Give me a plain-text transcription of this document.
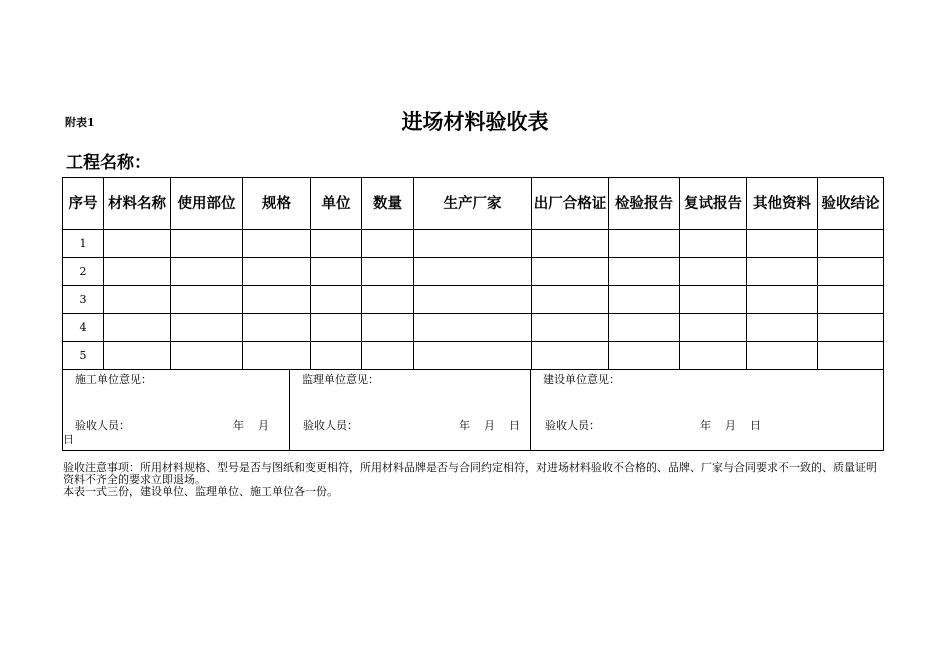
附表1	进场材料验收表
工程名称：
序号	材料名称	使用部位	规格	单位	数量	生产厂家	出厂合格证	检验报告	复试报告	其他资料	验收结论
1											
2											
3											
4											
5											
施工单位意见：
验收人员：	年    月
日

监理单位意见：
验收人员：	年    月    日

建设单位意见：
验收人员：	年    月    日
验收注意事项：所用材料规格、型号是否与图纸和变更相符，所用材料品牌是否与合同约定相符，对进场材料验收不合格的、品牌、厂家与合同要求不一致的、质量证明资料不齐全的要求立即退场。
本表一式三份，建设单位、监理单位、施工单位各一份。
